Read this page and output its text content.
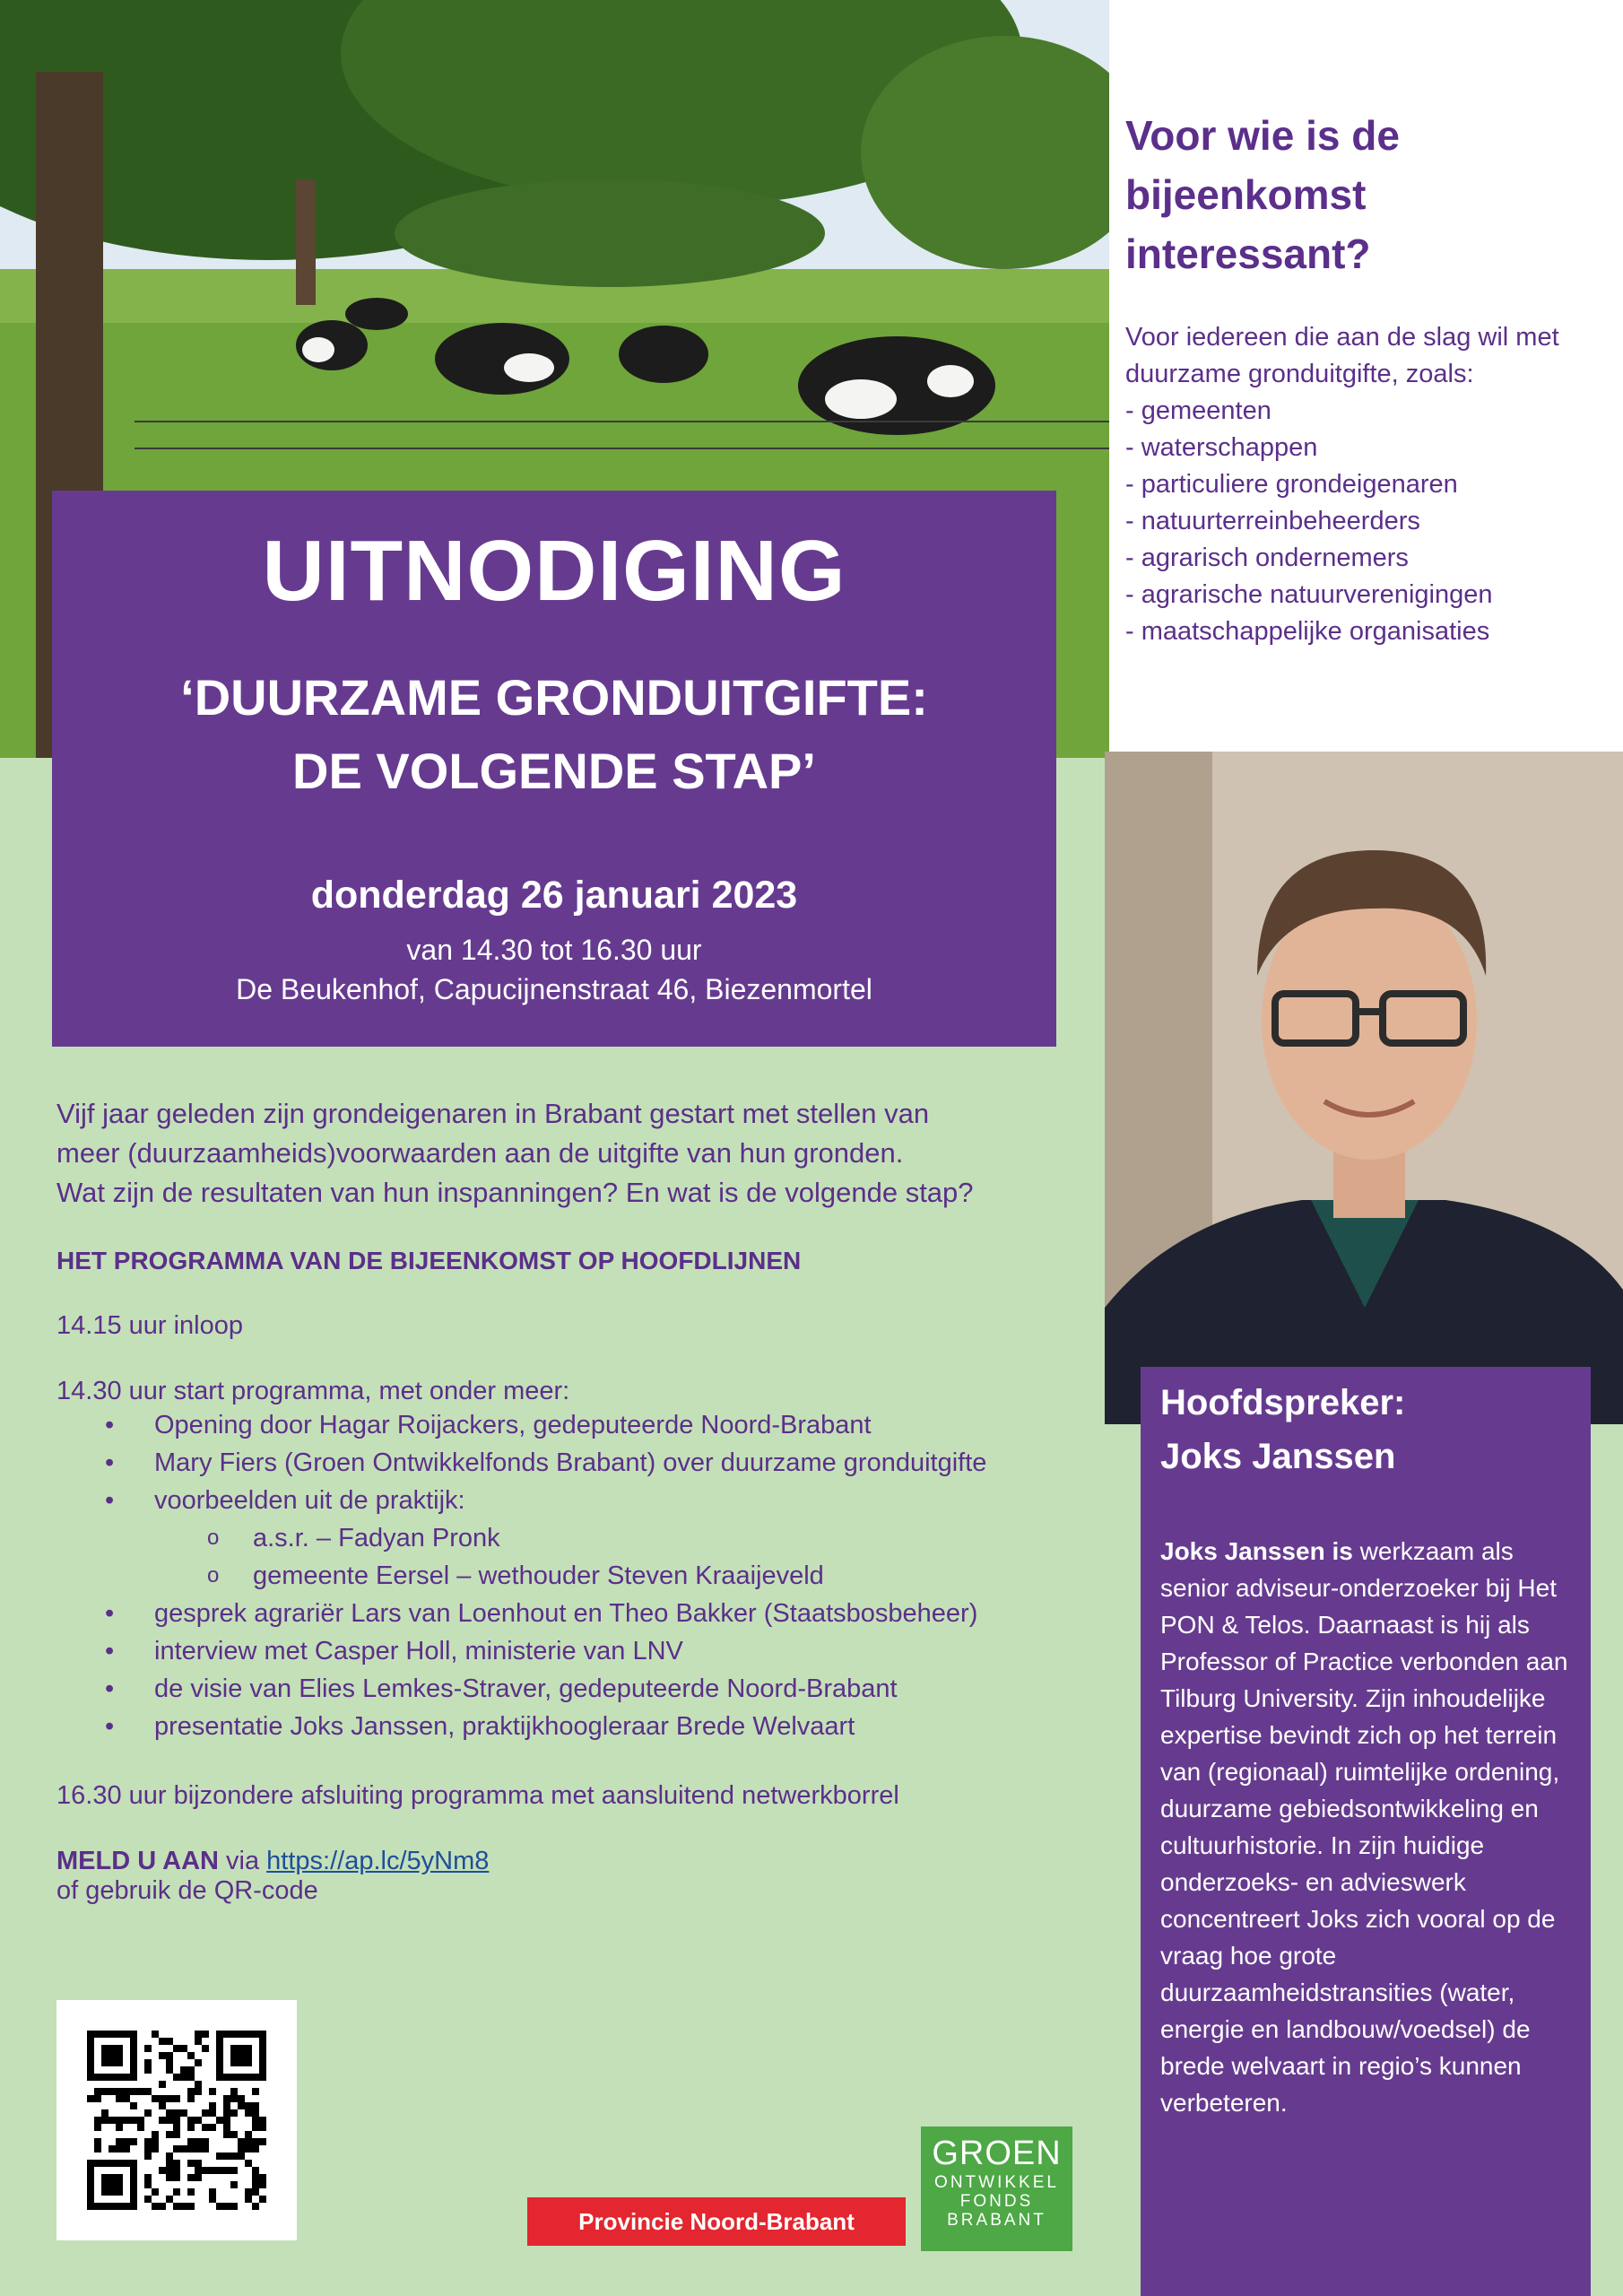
Voor wie is de
bijeenkomst
interessant?
Voor iedereen die aan de slag wil met
duurzame gronduitgifte, zoals:
- gemeenten
- waterschappen
- particuliere grondeigenaren
- natuurterreinbeheerders
- agrarisch ondernemers
- agrarische natuurverenigingen
- maatschappelijke organisaties
UITNODIGING
‘DUURZAME GRONDUITGIFTE:
DE VOLGENDE STAP’
donderdag 26 januari 2023
van 14.30 tot 16.30 uur
De Beukenhof, Capucijnenstraat 46, Biezenmortel

Vijf jaar geleden zijn grondeigenaren in Brabant gestart met stellen van
meer (duurzaamheids)voorwaarden aan de uitgifte van hun gronden.
Wat zijn de resultaten van hun inspanningen? En wat is de volgende stap?

HET PROGRAMMA VAN DE BIJEENKOMST OP HOOFDLIJNEN

14.15 uur inloop

14.30 uur start programma, met onder meer:

• Opening door Hagar Roijackers, gedeputeerde Noord-Brabant
• Mary Fiers (Groen Ontwikkelfonds Brabant) over duurzame gronduitgifte
• voorbeelden uit de praktijk:
o a.s.r. – Fadyan Pronk
o gemeente Eersel – wethouder Steven Kraaijeveld
• gesprek agrariër Lars van Loenhout en Theo Bakker (Staatsbosbeheer)
• interview met Casper Holl, ministerie van LNV
• de visie van Elies Lemkes-Straver, gedeputeerde Noord-Brabant
• presentatie Joks Janssen, praktijkhoogleraar Brede Welvaart

16.30 uur bijzondere afsluiting programma met aansluitend netwerkborrel

MELD U AAN via https://ap.lc/5yNm8

of gebruik de QR-code

Provincie Noord-Brabant
GROEN
ONTWIKKEL
FONDS
BRABANT
Hoofdspreker:
Joks Janssen
Joks Janssen is werkzaam als senior adviseur-onderzoeker bij Het PON & Telos. Daarnaast is hij als Professor of Practice verbonden aan Tilburg University. Zijn inhoudelijke expertise bevindt zich op het terrein van (regionaal) ruimtelijke ordening, duurzame gebiedsontwikkeling en cultuurhistorie. In zijn huidige onderzoeks- en advieswerk concentreert Joks zich vooral op de vraag hoe grote duurzaamheidstransities (water, energie en landbouw/voedsel) de brede welvaart in regio’s kunnen verbeteren.
